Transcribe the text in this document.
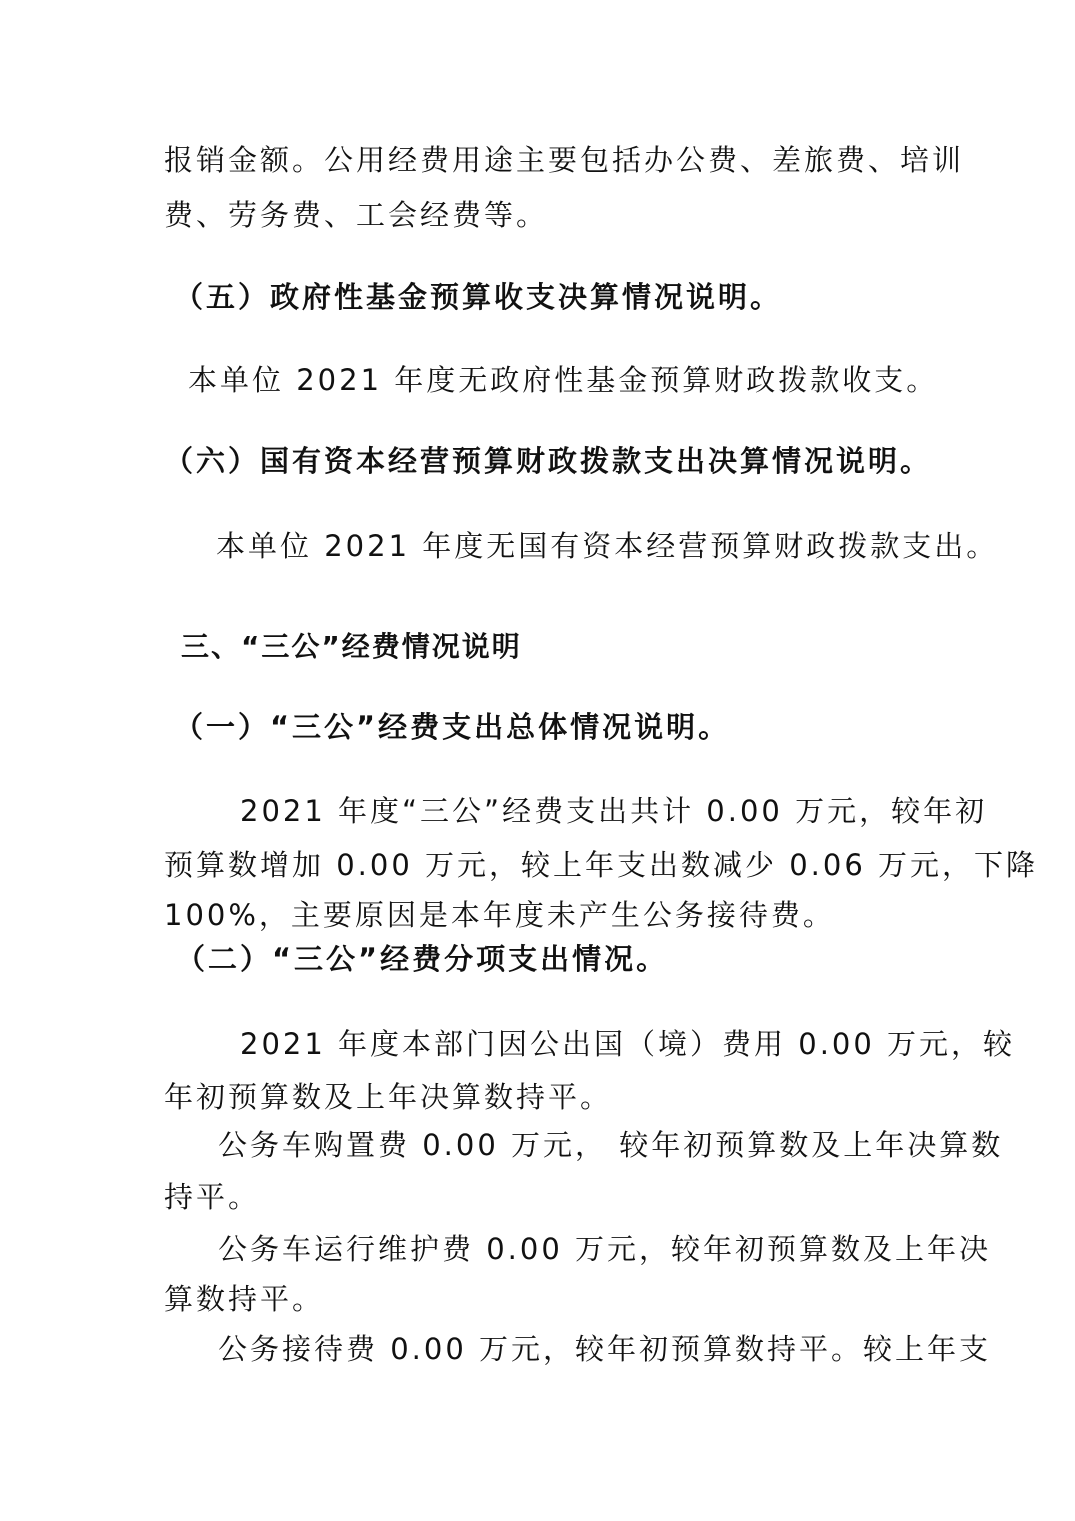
报销金额。公用经费用途主要包括办公费、差旅费、培训
费、劳务费、工会经费等。
（五）政府性基金预算收支决算情况说明。
本单位 2021 年度无政府性基金预算财政拨款收支。
（六）国有资本经营预算财政拨款支出决算情况说明。
本单位 2021 年度无国有资本经营预算财政拨款支出。
三、“三公”经费情况说明
（一）“三公”经费支出总体情况说明。
2021 年度“三公”经费支出共计 0.00 万元，较年初
预算数增加 0.00 万元，较上年支出数减少 0.06 万元，下降
100%，主要原因是本年度未产生公务接待费。
（二）“三公”经费分项支出情况。
2021 年度本部门因公出国（境）费用 0.00 万元，较
年初预算数及上年决算数持平。
公务车购置费 0.00 万元， 较年初预算数及上年决算数
持平。
公务车运行维护费 0.00 万元，较年初预算数及上年决
算数持平。
公务接待费 0.00 万元，较年初预算数持平。较上年支
